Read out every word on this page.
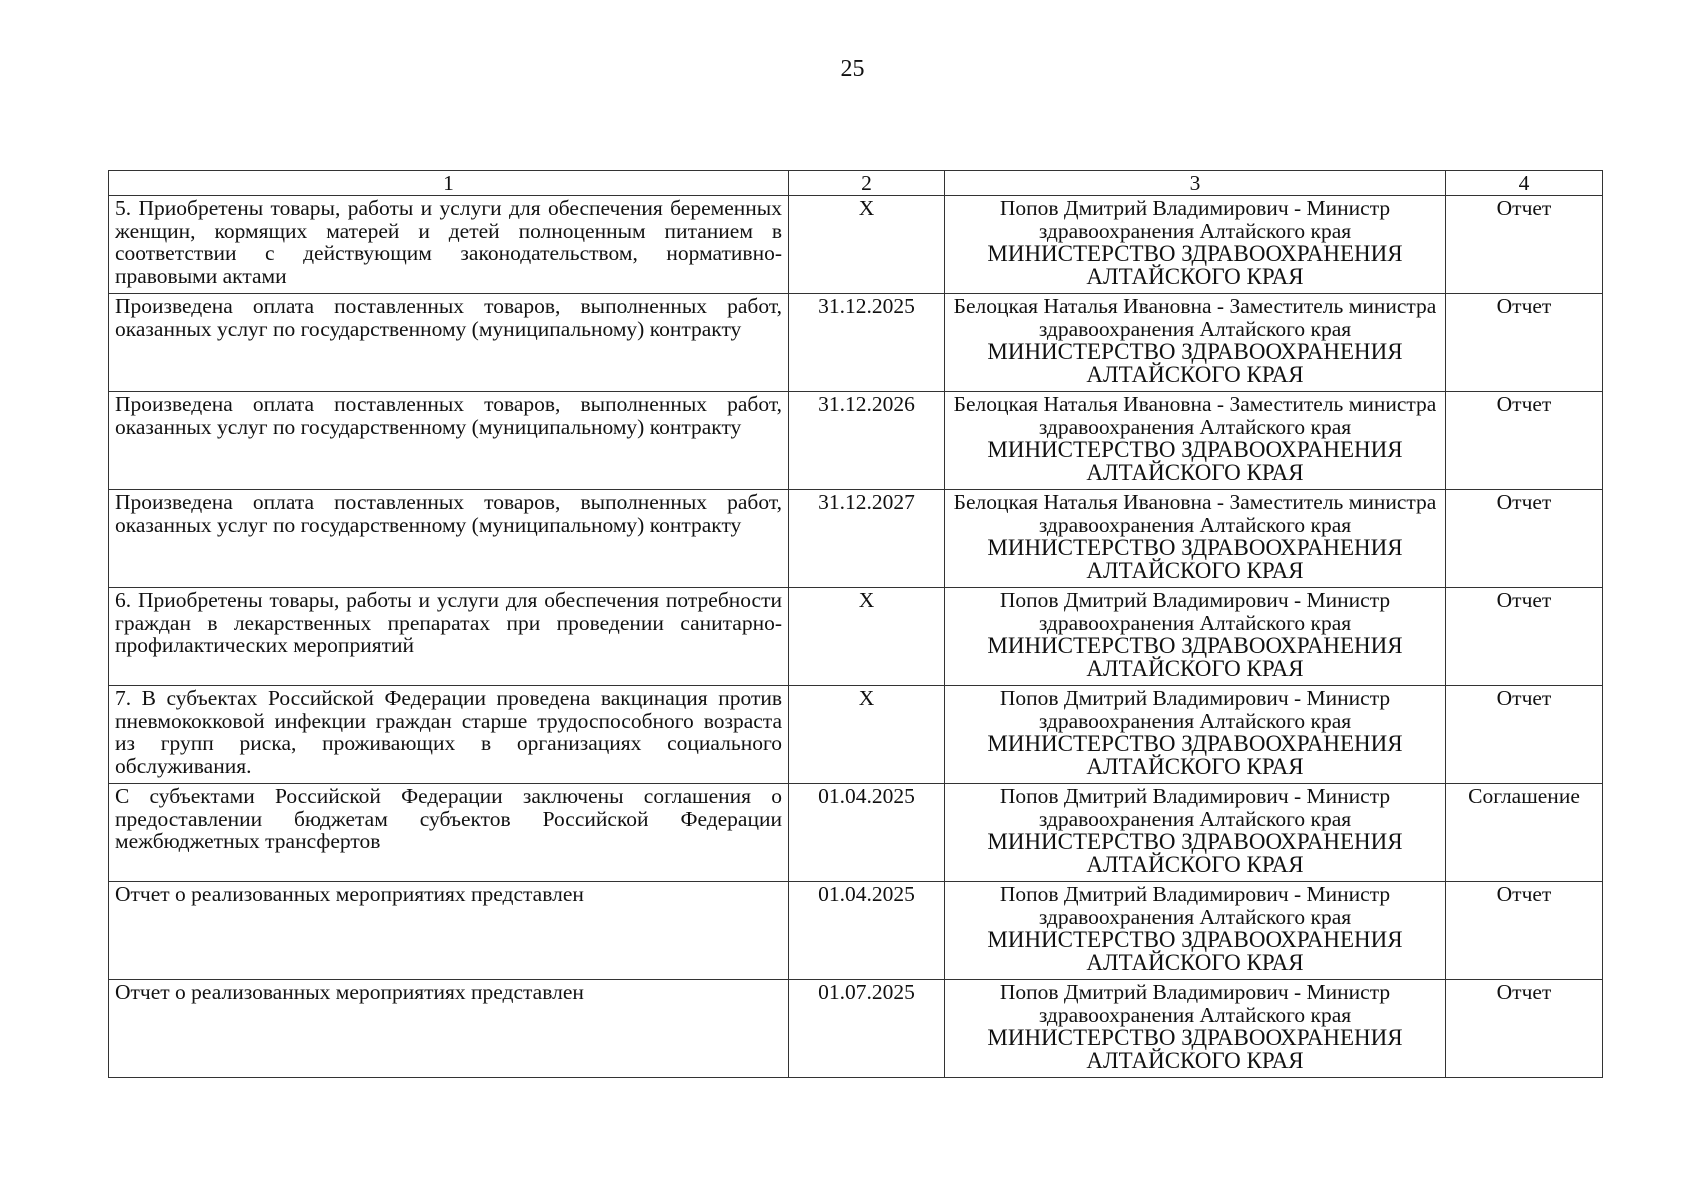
25
1	2	3	4
5. Приобретены товары, работы и услуги для обеспечения беременных женщин, кормящих матерей и детей полноценным питанием в соответствии с действующим законодательством, нормативно-правовыми актами	X	Попов Дмитрий Владимирович - Министр здравоохранения Алтайского края
МИНИСТЕРСТВО ЗДРАВООХРАНЕНИЯ АЛТАЙСКОГО КРАЯ	Отчет
Произведена оплата поставленных товаров, выполненных работ, оказанных услуг по государственному (муниципальному) контракту	31.12.2025	Белоцкая Наталья Ивановна - Заместитель министра здравоохранения Алтайского края
МИНИСТЕРСТВО ЗДРАВООХРАНЕНИЯ АЛТАЙСКОГО КРАЯ	Отчет
Произведена оплата поставленных товаров, выполненных работ, оказанных услуг по государственному (муниципальному) контракту	31.12.2026	Белоцкая Наталья Ивановна - Заместитель министра здравоохранения Алтайского края
МИНИСТЕРСТВО ЗДРАВООХРАНЕНИЯ АЛТАЙСКОГО КРАЯ	Отчет
Произведена оплата поставленных товаров, выполненных работ, оказанных услуг по государственному (муниципальному) контракту	31.12.2027	Белоцкая Наталья Ивановна - Заместитель министра здравоохранения Алтайского края
МИНИСТЕРСТВО ЗДРАВООХРАНЕНИЯ АЛТАЙСКОГО КРАЯ	Отчет
6. Приобретены товары, работы и услуги для обеспечения потребности граждан в лекарственных препаратах при проведении санитарно-профилактических мероприятий	X	Попов Дмитрий Владимирович - Министр здравоохранения Алтайского края
МИНИСТЕРСТВО ЗДРАВООХРАНЕНИЯ АЛТАЙСКОГО КРАЯ	Отчет
7. В субъектах Российской Федерации проведена вакцинация против пневмококковой инфекции граждан старше трудоспособного возраста из групп риска, проживающих в организациях социального обслуживания.	X	Попов Дмитрий Владимирович - Министр здравоохранения Алтайского края
МИНИСТЕРСТВО ЗДРАВООХРАНЕНИЯ АЛТАЙСКОГО КРАЯ	Отчет
С субъектами Российской Федерации заключены соглашения о предоставлении бюджетам субъектов Российской Федерации межбюджетных трансфертов	01.04.2025	Попов Дмитрий Владимирович - Министр здравоохранения Алтайского края
МИНИСТЕРСТВО ЗДРАВООХРАНЕНИЯ АЛТАЙСКОГО КРАЯ	Соглашение
Отчет о реализованных мероприятиях представлен	01.04.2025	Попов Дмитрий Владимирович - Министр здравоохранения Алтайского края
МИНИСТЕРСТВО ЗДРАВООХРАНЕНИЯ АЛТАЙСКОГО КРАЯ	Отчет
Отчет о реализованных мероприятиях представлен	01.07.2025	Попов Дмитрий Владимирович - Министр здравоохранения Алтайского края
МИНИСТЕРСТВО ЗДРАВООХРАНЕНИЯ АЛТАЙСКОГО КРАЯ	Отчет
